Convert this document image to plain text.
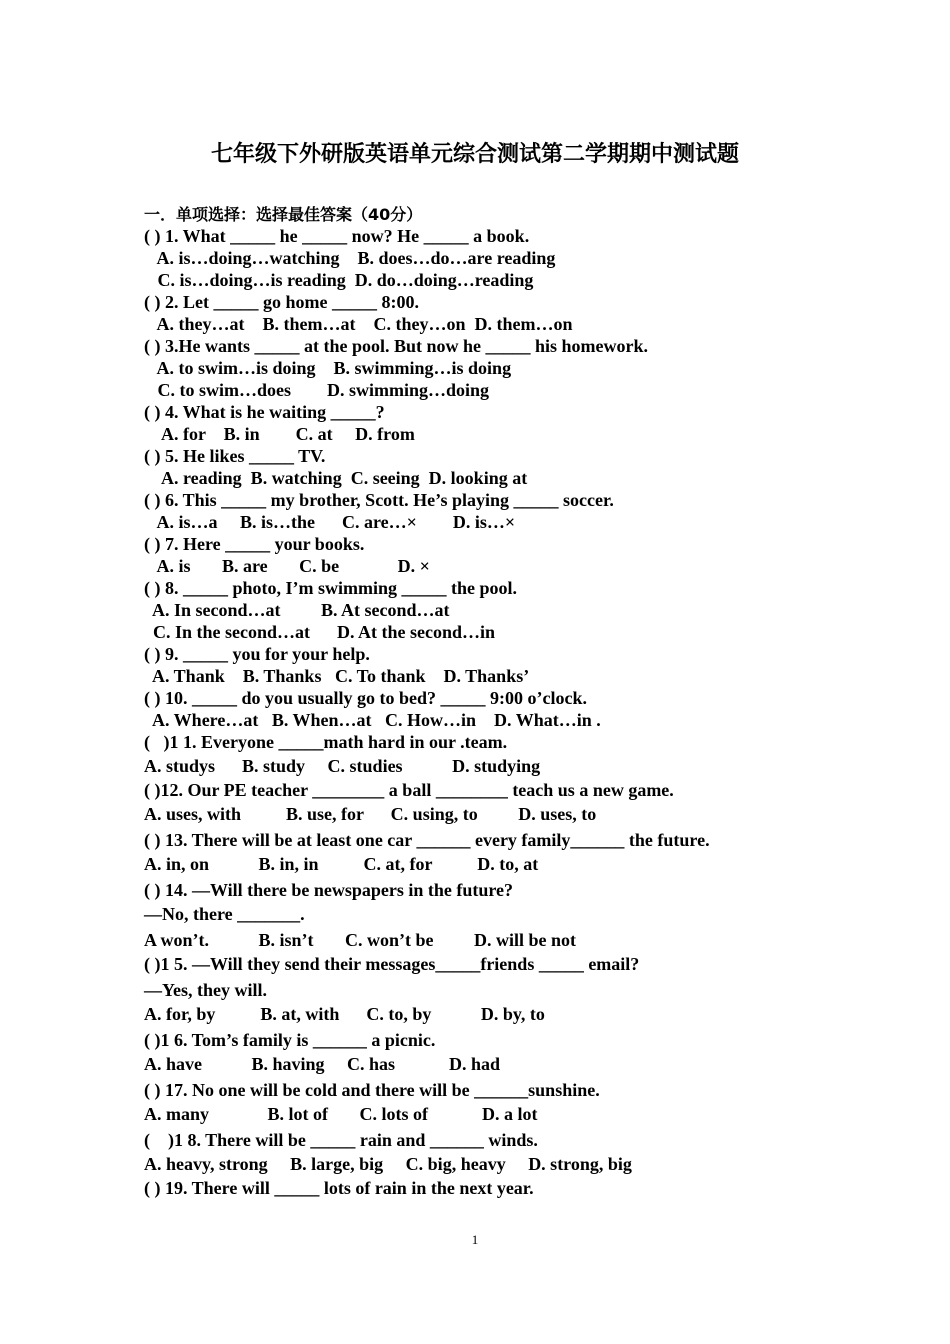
七年级下外研版英语单元综合测试第二学期期中测试题
一．单项选择：选择最佳答案（40分）
( ) 1. What _____ he _____ now? He _____ a book.
A. is…doing…watching    B. does…do…are reading
C. is…doing…is reading  D. do…doing…reading
( ) 2. Let _____ go home _____ 8:00.
A. they…at    B. them…at    C. they…on  D. them…on
( ) 3.He wants _____ at the pool. But now he _____ his homework.
A. to swim…is doing    B. swimming…is doing
C. to swim…does        D. swimming…doing
( ) 4. What is he waiting _____?
A. for    B. in        C. at     D. from
( ) 5. He likes _____ TV.
A. reading  B. watching  C. seeing  D. looking at
( ) 6. This _____ my brother, Scott. He’s playing _____ soccer.
A. is…a     B. is…the      C. are…×        D. is…×
( ) 7. Here _____ your books.
A. is       B. are       C. be             D. ×
( ) 8. _____ photo, I’m swimming _____ the pool.
A. In second…at         B. At second…at
C. In the second…at      D. At the second…in
( ) 9. _____ you for your help.
A. Thank    B. Thanks   C. To thank    D. Thanks’
( ) 10. _____ do you usually go to bed? _____ 9:00 o’clock.
A. Where…at   B. When…at   C. How…in    D. What…in .
(   )1 1. Everyone _____math hard in our .team.
A. studys      B. study     C. studies           D. studying
( )12. Our PE teacher ________ a ball ________ teach us a new game.
A. uses, with          B. use, for      C. using, to         D. uses, to
( ) 13. There will be at least one car ______ every family______ the future.
A. in, on           B. in, in          C. at, for          D. to, at
( ) 14. —Will there be newspapers in the future?
—No, there _______.
A won’t.           B. isn’t       C. won’t be         D. will be not
( )1 5. —Will they send their messages_____friends _____ email?
—Yes, they will.
A. for, by          B. at, with      C. to, by           D. by, to
( )1 6. Tom’s family is ______ a picnic.
A. have           B. having     C. has            D. had
( ) 17. No one will be cold and there will be ______sunshine.
A. many             B. lot of       C. lots of            D. a lot
(    )1 8. There will be _____ rain and ______ winds.
A. heavy, strong     B. large, big     C. big, heavy     D. strong, big
( ) 19. There will _____ lots of rain in the next year.
1
